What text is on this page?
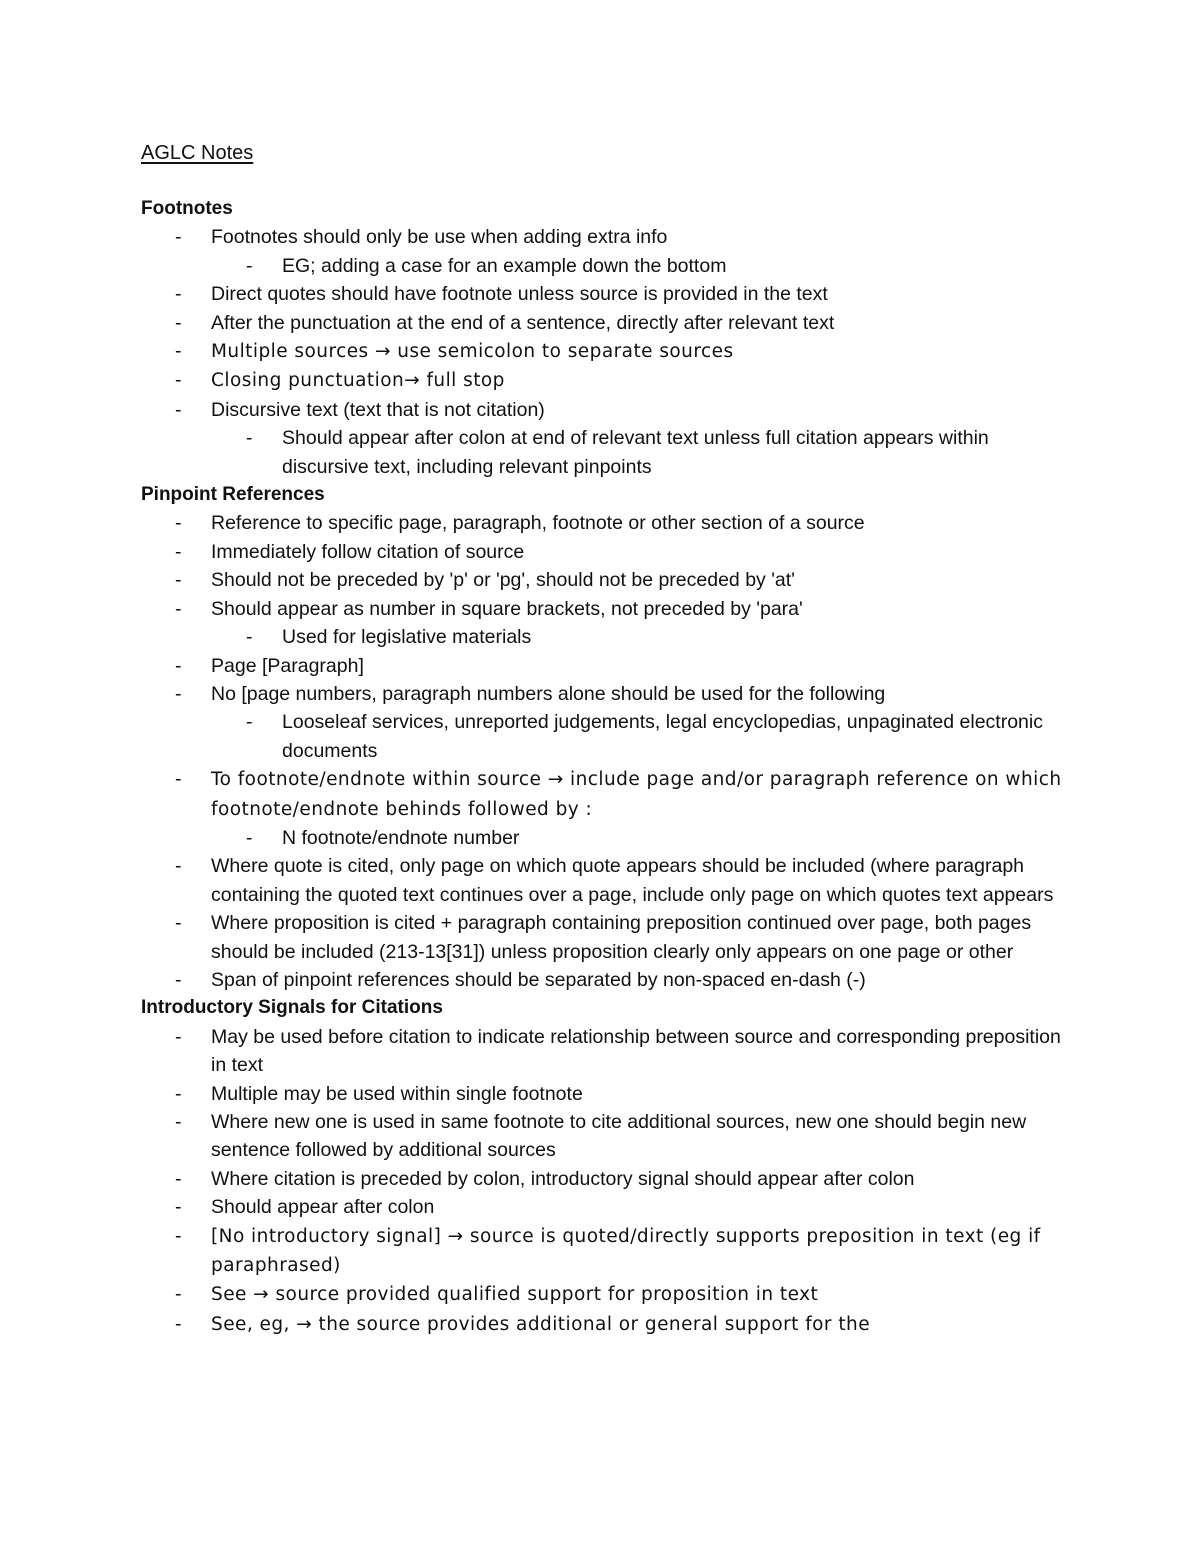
AGLC Notes
Footnotes
- Footnotes should only be use when adding extra info
- EG; adding a case for an example down the bottom
- Direct quotes should have footnote unless source is provided in the text
- After the punctuation at the end of a sentence, directly after relevant text
- Multiple sources → use semicolon to separate sources
- Closing punctuation→ full stop
- Discursive text (text that is not citation)
- Should appear after colon at end of relevant text unless full citation appears within discursive text, including relevant pinpoints
Pinpoint References
- Reference to specific page, paragraph, footnote or other section of a source
- Immediately follow citation of source
- Should not be preceded by 'p' or 'pg', should not be preceded by 'at'
- Should appear as number in square brackets, not preceded by 'para'
- Used for legislative materials
- Page [Paragraph]
- No [page numbers, paragraph numbers alone should be used for the following
- Looseleaf services, unreported judgements, legal encyclopedias, unpaginated electronic documents
- To footnote/endnote within source → include page and/or paragraph reference on which footnote/endnote behinds followed by :
- N footnote/endnote number
- Where quote is cited, only page on which quote appears should be included (where paragraph containing the quoted text continues over a page, include only page on which quotes text appears
- Where proposition is cited + paragraph containing preposition continued over page, both pages should be included (213-13[31]) unless proposition clearly only appears on one page or other
- Span of pinpoint references should be separated by non-spaced en-dash (-)
Introductory Signals for Citations
- May be used before citation to indicate relationship between source and corresponding preposition in text
- Multiple may be used within single footnote
- Where new one is used in same footnote to cite additional sources, new one should begin new sentence followed by additional sources
- Where citation is preceded by colon, introductory signal should appear after colon
- Should appear after colon
- [No introductory signal] → source is quoted/directly supports preposition in text (eg if paraphrased)
- See → source provided qualified support for proposition in text
- See, eg, → the source provides additional or general support for the
